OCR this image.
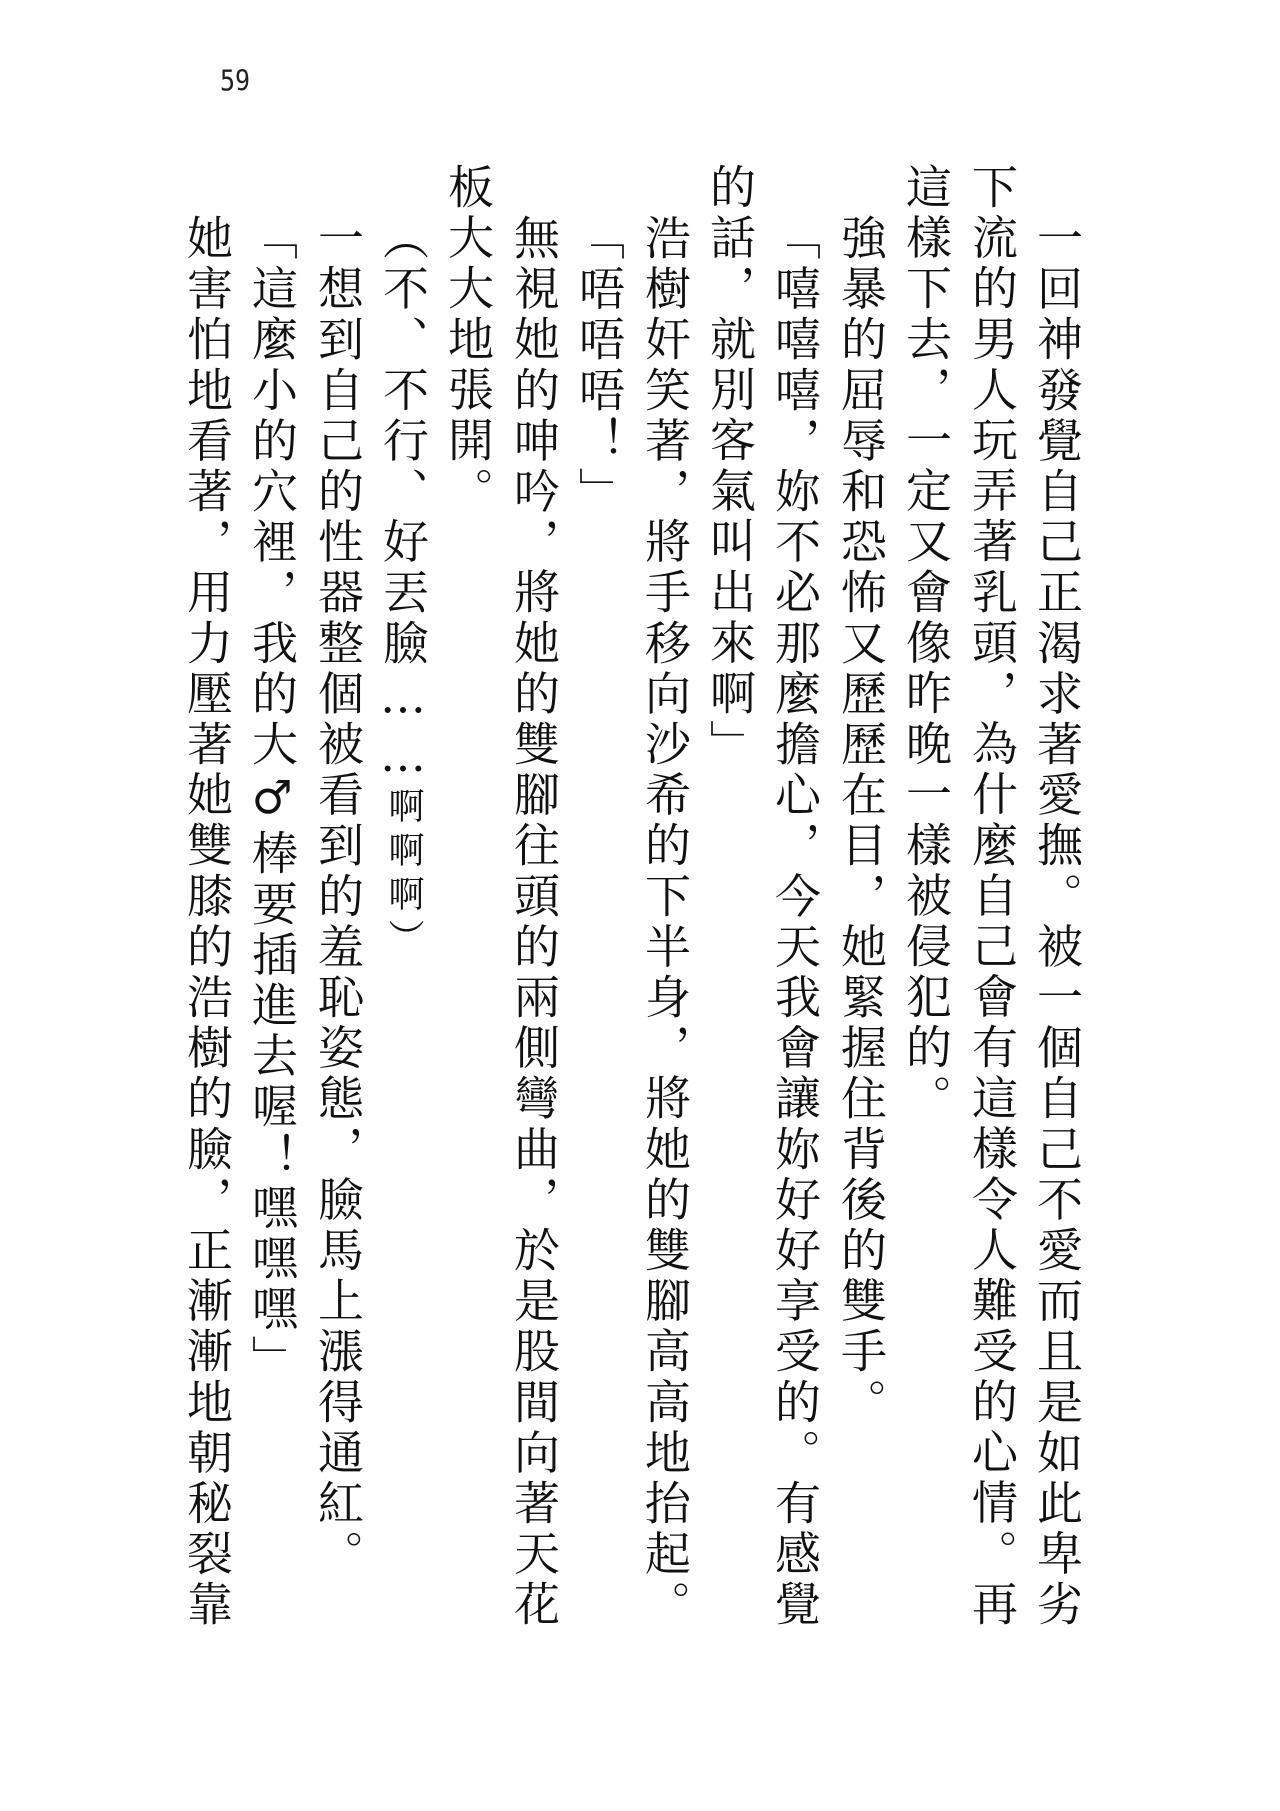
59
一回神發覺自己正渴求著愛撫。被一個自己不愛而且是如此卑劣
下流的男人玩弄著乳頭，為什麼自己會有這樣令人難受的心情。再
這樣下去，一定又會像昨晚一樣被侵犯的。
強暴的屈辱和恐怖又歷歷在目，她緊握住背後的雙手。
「嘻嘻嘻，妳不必那麼擔心，今天我會讓妳好好享受的。有感覺
的話，就別客氣叫出來啊」
浩樹奸笑著，將手移向沙希的下半身，將她的雙腳高高地抬起。
「唔唔唔！」
無視她的呻吟，將她的雙腳往頭的兩側彎曲，於是股間向著天花
板大大地張開。
（不、不行、好丟臉……啊啊啊）
一想到自己的性器整個被看到的羞恥姿態，臉馬上漲得通紅。
「這麼小的穴裡，我的大♂棒要插進去喔！嘿嘿嘿」
她害怕地看著，用力壓著她雙膝的浩樹的臉，正漸漸地朝秘裂靠
